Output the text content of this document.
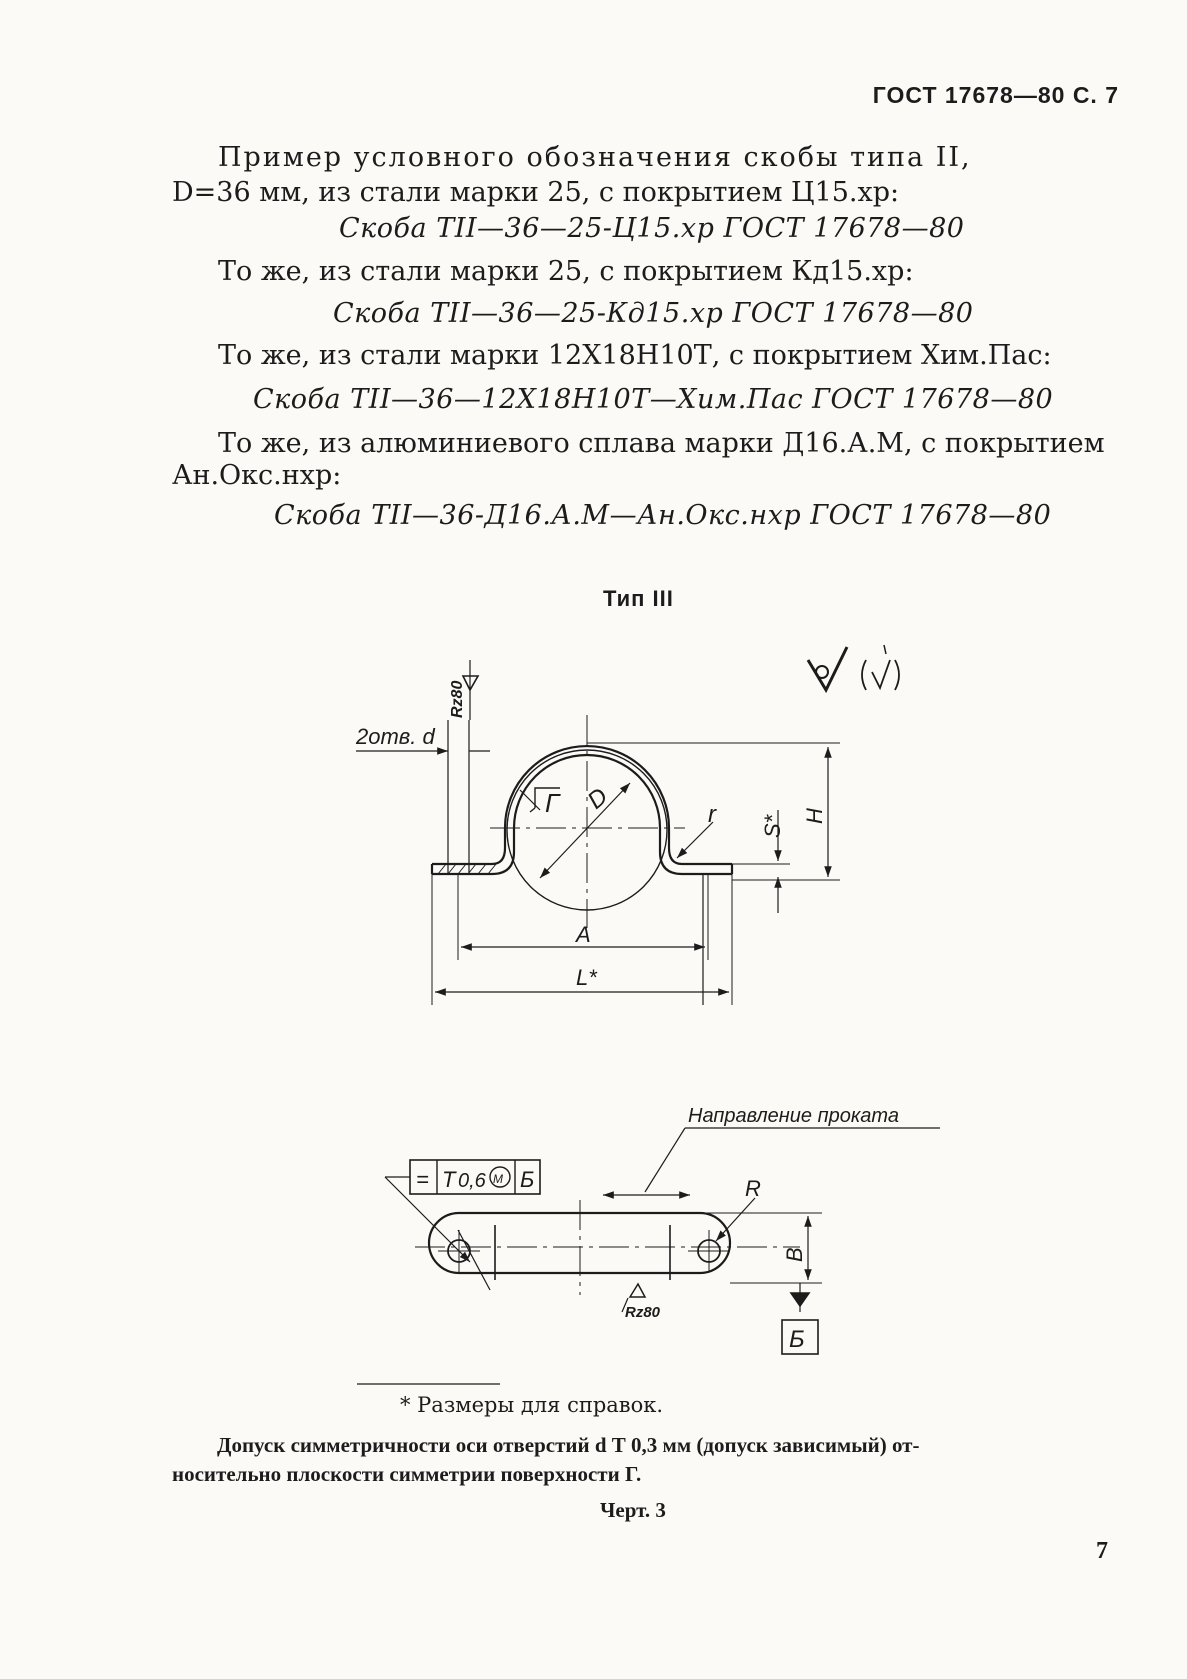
ГОСТ 17678—80 С. 7
Пример условного обозначения скобы типа II,
D=36 мм, из стали марки 25, с покрытием Ц15.хр:
Скоба ТII—36—25-Ц15.хр ГОСТ 17678—80
То же, из стали марки 25, с покрытием Кд15.хр:
Скоба ТII—36—25-Кд15.хр ГОСТ 17678—80
То же, из стали марки 12Х18Н10Т, с покрытием Хим.Пас:
Скоба ТII—36—12Х18Н10Т—Хим.Пас ГОСТ 17678—80
То же, из алюминиевого сплава марки Д16.А.М, с покрытием
Ан.Окс.нхр:
Скоба ТII—36-Д16.А.М—Ан.Окс.нхр ГОСТ 17678—80
Тип III
2отв. d
Rz80
Г D	r S* H
A
L*
Направление проката
= Т 0,6 М Б	R
B
Rz80
Б
* Размеры для справок.
Допуск симметричности оси отверстий d Т 0,3 мм (допуск зависимый) от-
носительно плоскости симметрии поверхности Г.
Черт. 3
7
